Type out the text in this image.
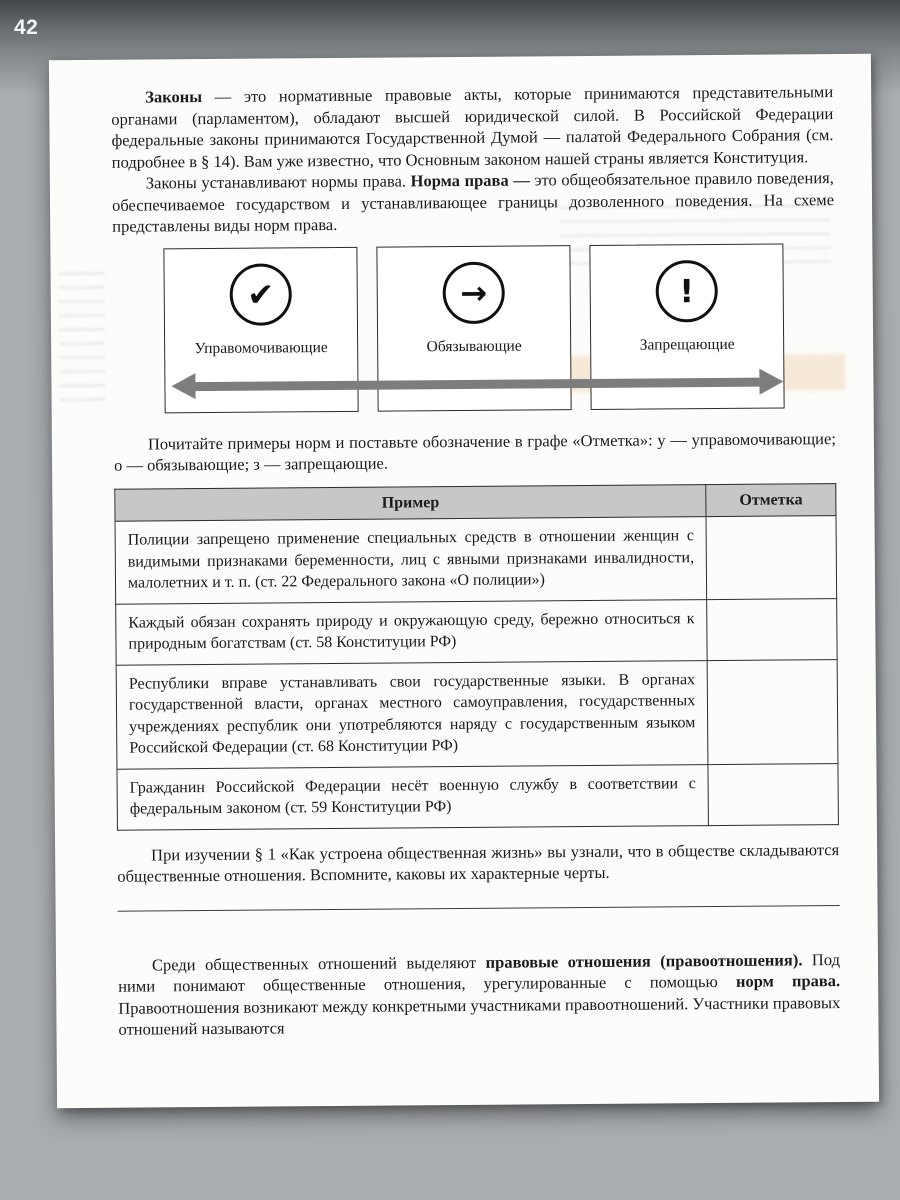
42

Законы — это нормативные правовые акты, которые принимаются представительными органами (парламентом), обладают высшей юридической силой. В Российской Федерации федеральные законы принимаются Государственной Думой — палатой Федерального Собрания (см. подробнее в § 14). Вам уже известно, что Основным законом нашей страны является Конституция.

Законы устанавливают нормы права. Норма права — это общеобязательное правило поведения, обеспечиваемое государством и устанавливающее границы дозволенного поведения. На схеме представлены виды норм права.

✔
Управомочивающие
→
Обязывающие
!
Запрещающие

Почитайте примеры норм и поставьте обозначение в графе «Отметка»: у — управомочивающие; о — обязывающие; з — запрещающие.

Пример	Отметка
Полиции запрещено применение специальных средств в отношении женщин с видимыми признаками беременности, лиц с явными признаками инвалидности, малолетних и т. п. (ст. 22 Федерального закона «О полиции»)	
Каждый обязан сохранять природу и окружающую среду, бережно относиться к природным богатствам (ст. 58 Конституции РФ)	
Республики вправе устанавливать свои государственные языки. В органах государственной власти, органах местного самоуправления, государственных учреждениях республик они употребляются наряду с государственным языком Российской Федерации (ст. 68 Конституции РФ)	
Гражданин Российской Федерации несёт военную службу в соответствии с федеральным законом (ст. 59 Конституции РФ)	

При изучении § 1 «Как устроена общественная жизнь» вы узнали, что в обществе складываются общественные отношения. Вспомните, каковы их характерные черты.

Среди общественных отношений выделяют правовые отношения (правоотношения). Под ними понимают общественные отношения, урегулированные с помощью норм права. Правоотношения возникают между конкретными участниками правоотношений. Участники правовых отношений называются
